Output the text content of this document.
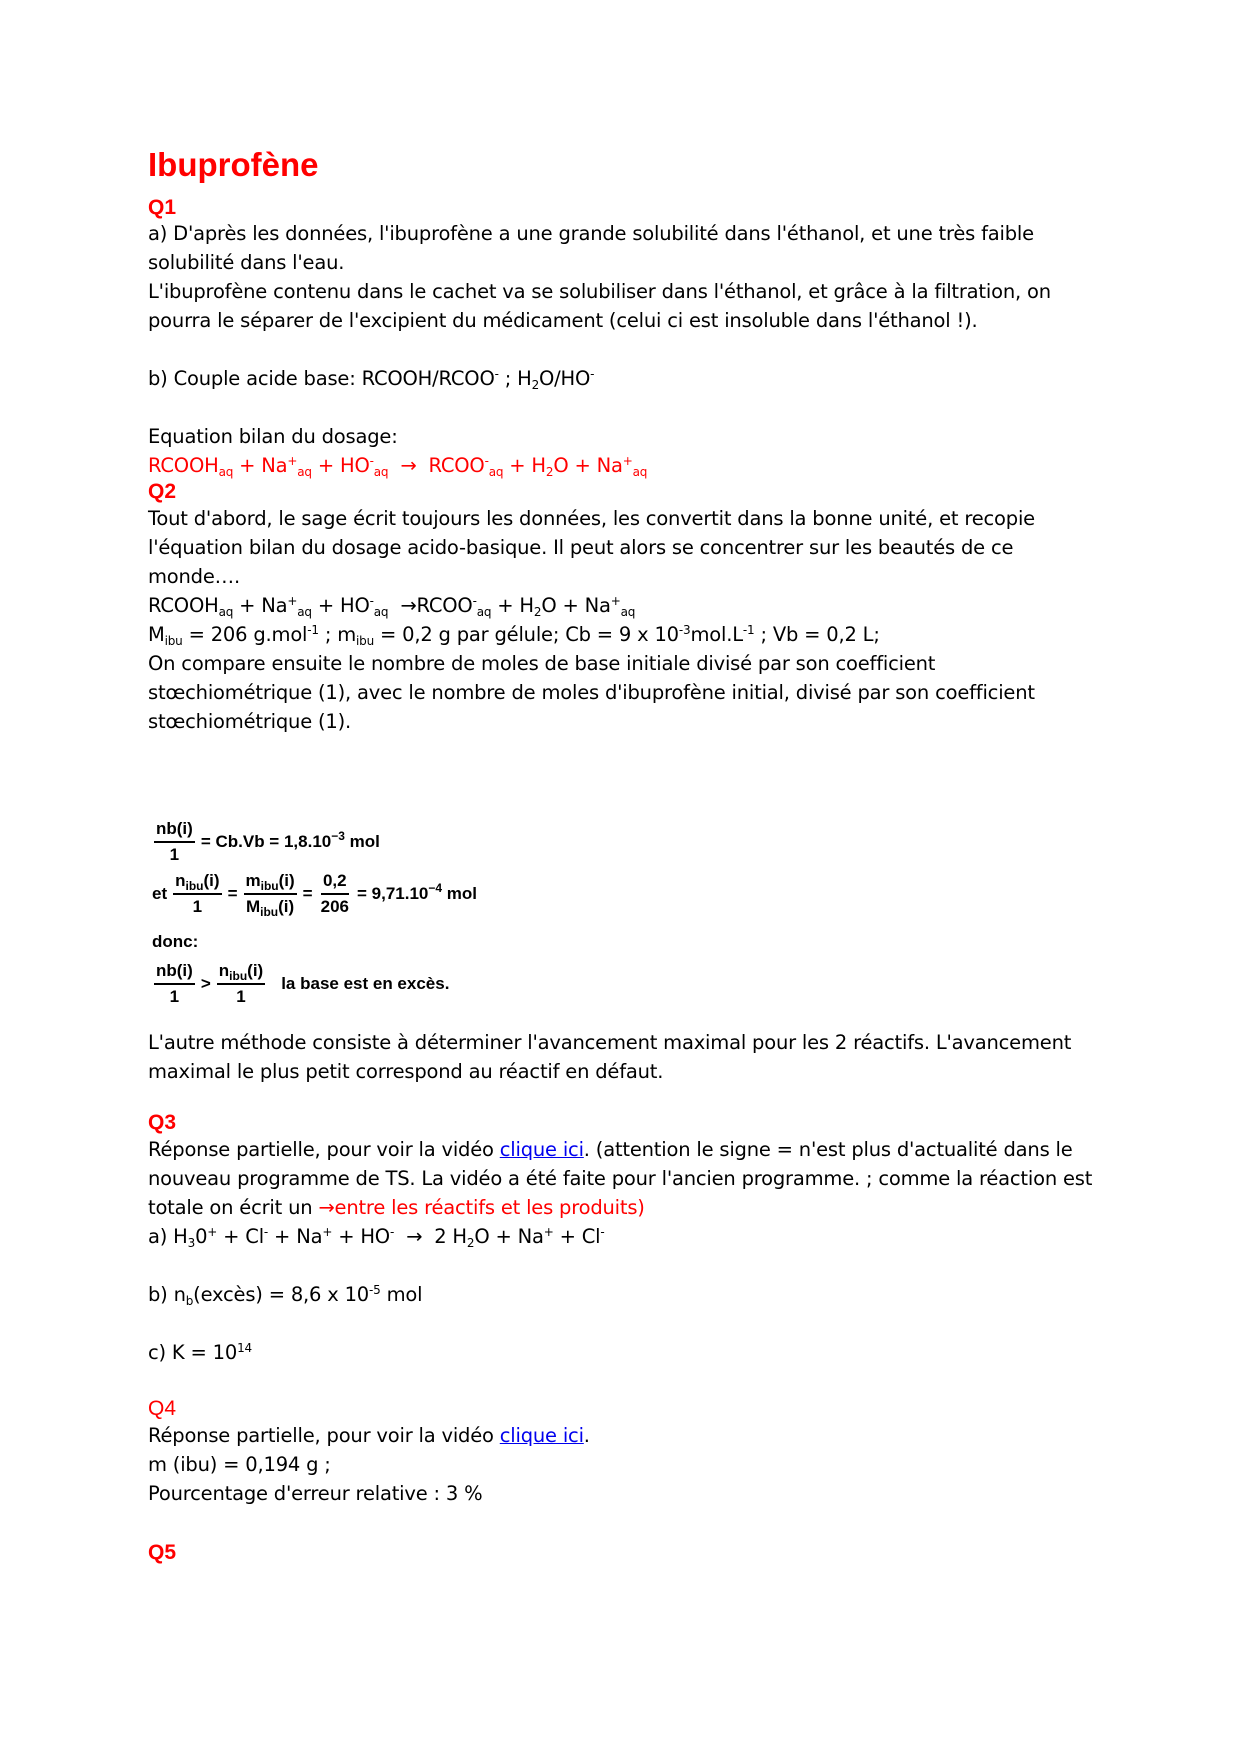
Ibuprofène
Q1

a) D'après les données, l'ibuprofène a une grande solubilité dans l'éthanol, et une très faible

solubilité dans l'eau.

L'ibuprofène contenu dans le cachet va se solubiliser dans l'éthanol, et grâce à la filtration, on

pourra le séparer de l'excipient du médicament (celui ci est insoluble dans l'éthanol !).

b) Couple acide base: RCOOH/RCOO- ; $H_2O/HO^-$

Equation bilan du dosage:

$RCOOH_{aq} + Na^+_{aq} + HO^-_{aq}$ →  $RCOO^-_{aq} + H_2O + Na^+_{aq}$

Q2

Tout d'abord, le sage écrit toujours les données, les convertit dans la bonne unité, et recopie

l'équation bilan du dosage acido-basique. Il peut alors se concentrer sur les beautés de ce

monde….

$RCOOH_{aq} + Na^+_{aq} + HO^-_{aq}$ $\to RCOO^-_{aq} + H_2O + Na^+_{aq}$

$M_{ibu} = 206$ g.mol$^{-1}$ ; $m_{ibu} = 0,2$ g par gélule; Cb = 9 x $10^{-3}mol.L^{-1}$ ; Vb = 0,2 L;

On compare ensuite le nombre de moles de base initiale divisé par son coefficient

stœchiométrique (1), avec le nombre de moles d'ibuprofène initial, divisé par son coefficient

stœchiométrique (1).

$\frac{nb(i)}{1} = Cb.Vb = 1,8.10^{-3}$ mol
et $\frac{n_{ibu}(i)}{1} = \frac{m_{ibu}(i)}{M_{ibu}(i)} = \frac{0,2}{206} = 9,71.10^{-4}$ mol
donc:
$\frac{nb(i)}{1} > \frac{n_{ibu}(i)}{1}$ la base est en excès.

L'autre méthode consiste à déterminer l'avancement maximal pour les 2 réactifs. L'avancement

maximal le plus petit correspond au réactif en défaut.

Q3

Réponse partielle, pour voir la vidéo clique ici. (attention le signe = n'est plus d'actualité dans le

nouveau programme de TS. La vidéo a été faite pour l'ancien programme. ; comme la réaction est

totale on écrit un →entre les réactifs et les produits)

a) $H_30^+ + Cl^- + Na^+ + HO^- \to 2$ $H_2O + Na^+ + Cl^-$

b) $n_b(excès) = 8,6$ x $10^{-5}$ mol

c) $K = 10^{14}$

Q4

Réponse partielle, pour voir la vidéo clique ici.

m (ibu) = 0,194 g ;

Pourcentage d'erreur relative : 3 %

Q5
